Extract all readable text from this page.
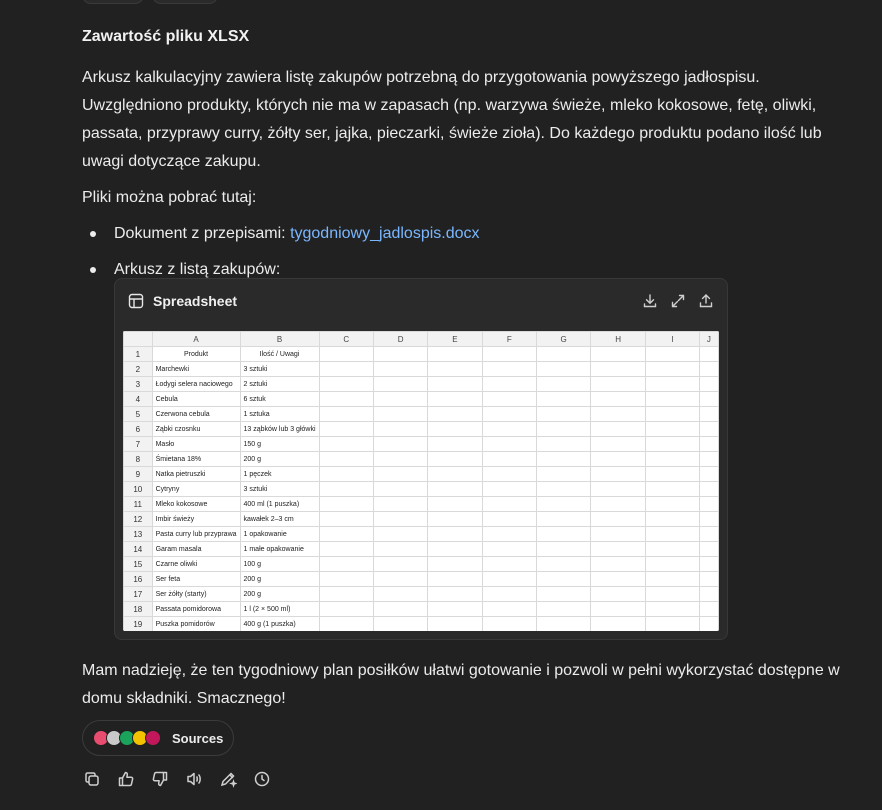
Zawartość pliku XLSX

Arkusz kalkulacyjny zawiera listę zakupów potrzebną do przygotowania powyższego jadłospisu. Uwzględniono produkty, których nie ma w zapasach (np. warzywa świeże, mleko kokosowe, fetę, oliwki, passata, przyprawy curry, żółty ser, jajka, pieczarki, świeże zioła). Do każdego produktu podano ilość lub uwagi dotyczące zakupu.

Pliki można pobrać tutaj:

Dokument z przepisami: tygodniowy_jadlospis.docx
Arkusz z listą zakupów:
Spreadsheet
	A	B	C	D	E	F	G	H	I	J
1	Produkt	Ilość / Uwagi								
2	Marchewki	3 sztuki								
3	Łodygi selera naciowego	2 sztuki								
4	Cebula	6 sztuk								
5	Czerwona cebula	1 sztuka								
6	Ząbki czosnku	13 ząbków lub 3 główki								
7	Masło	150 g								
8	Śmietana 18%	200 g								
9	Natka pietruszki	1 pęczek								
10	Cytryny	3 sztuki								
11	Mleko kokosowe	400 ml (1 puszka)								
12	Imbir świeży	kawałek 2–3 cm								
13	Pasta curry lub przyprawa	1 opakowanie								
14	Garam masala	1 małe opakowanie								
15	Czarne oliwki	100 g								
16	Ser feta	200 g								
17	Ser żółty (starty)	200 g								
18	Passata pomidorowa	1 l (2 × 500 ml)								
19	Puszka pomidorów	400 g (1 puszka)								

Mam nadzieję, że ten tygodniowy plan posiłków ułatwi gotowanie i pozwoli w pełni wykorzystać dostępne w domu składniki. Smacznego!

Sources
